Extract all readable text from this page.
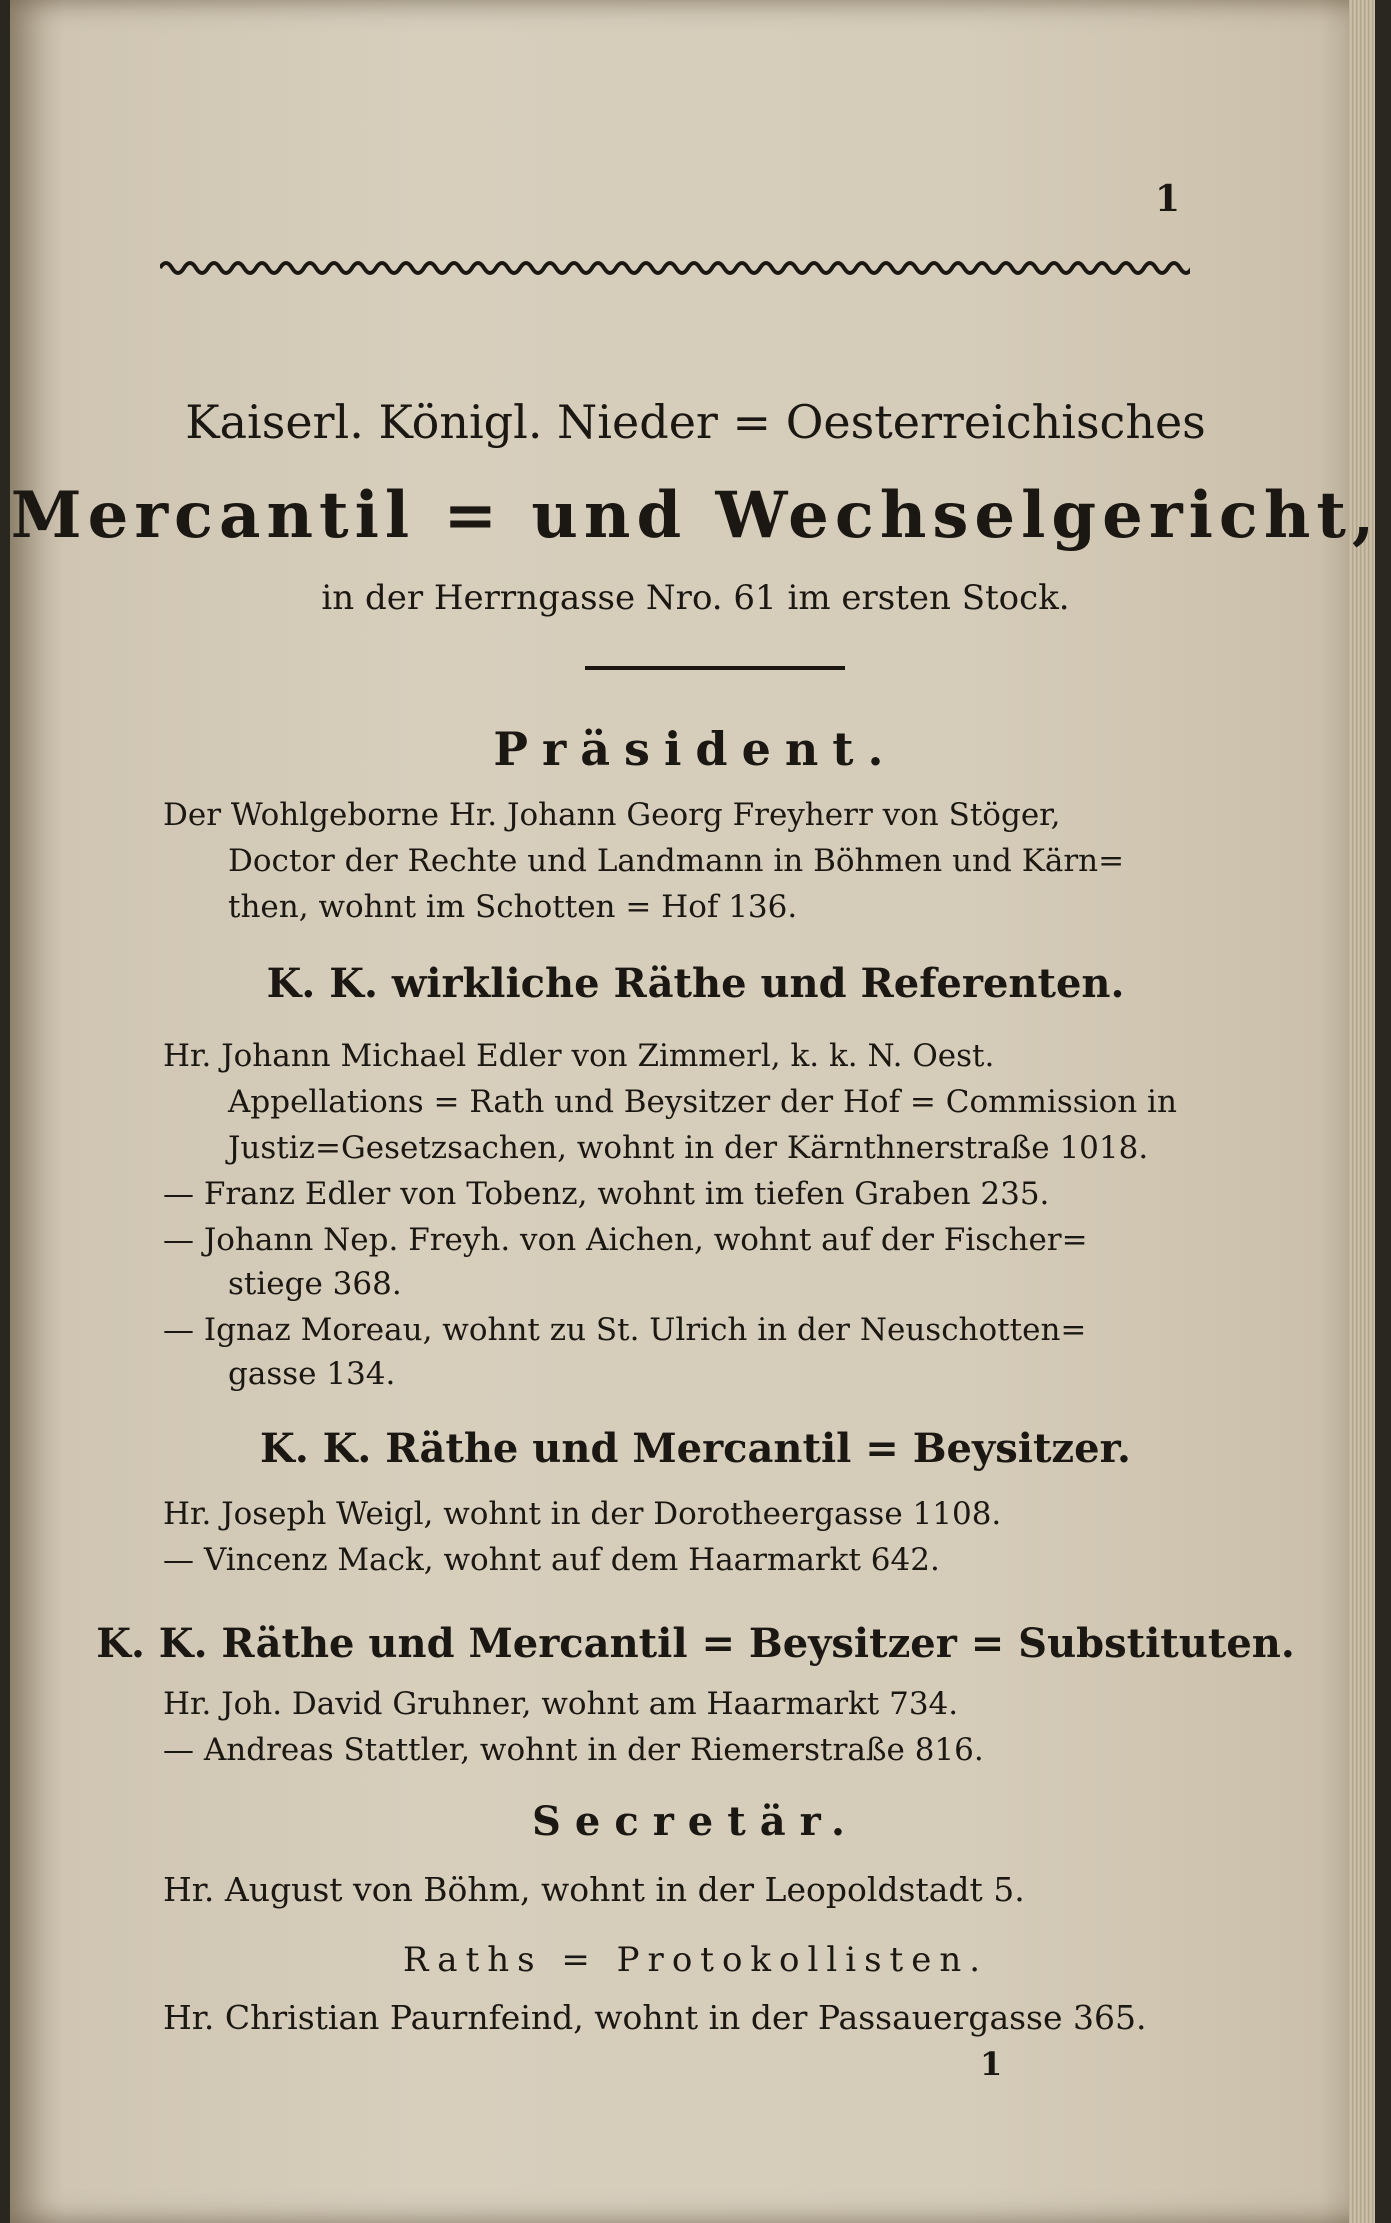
1
Kaiserl. Königl. Nieder = Oesterreichisches
Mercantil = und Wechselgericht,
in der Herrngasse Nro. 61 im ersten Stock.
Präsident.
Der Wohlgeborne Hr. Johann Georg Freyherr von Stöger,
Doctor der Rechte und Landmann in Böhmen und Kärn=
then, wohnt im Schotten = Hof 136.
K. K. wirkliche Räthe und Referenten.
Hr. Johann Michael Edler von Zimmerl, k. k. N. Oest.
Appellations = Rath und Beysitzer der Hof = Commission in
Justiz=Gesetzsachen, wohnt in der Kärnthnerstraße 1018.
— Franz Edler von Tobenz, wohnt im tiefen Graben 235.
— Johann Nep. Freyh. von Aichen, wohnt auf der Fischer=
stiege 368.
— Ignaz Moreau, wohnt zu St. Ulrich in der Neuschotten=
gasse 134.
K. K. Räthe und Mercantil = Beysitzer.
Hr. Joseph Weigl, wohnt in der Dorotheergasse 1108.
— Vincenz Mack, wohnt auf dem Haarmarkt 642.
K. K. Räthe und Mercantil = Beysitzer = Substituten.
Hr. Joh. David Gruhner, wohnt am Haarmarkt 734.
— Andreas Stattler, wohnt in der Riemerstraße 816.
Secretär.
Hr. August von Böhm, wohnt in der Leopoldstadt 5.
Raths = Protokollisten.
Hr. Christian Paurnfeind, wohnt in der Passauergasse 365.
1
